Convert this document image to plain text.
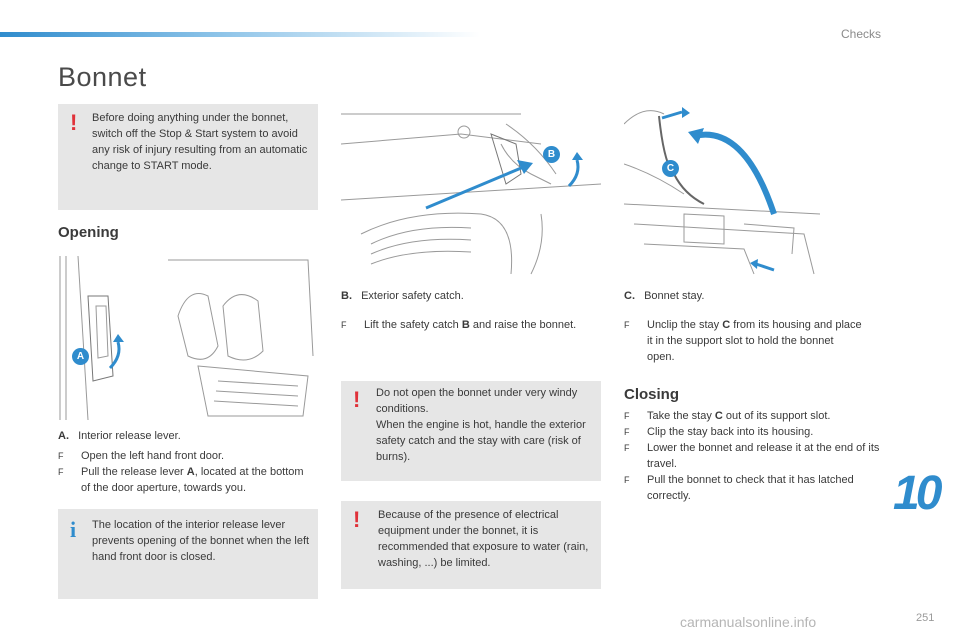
Checks
Bonnet
! Before doing anything under the bonnet, switch off the Stop & Start system to avoid any risk of injury resulting from an automatic change to START mode.
Opening
A
A. Interior release lever.
F Open the left hand front door.
F Pull the release lever A, located at the bottom of the door aperture, towards you.
i The location of the interior release lever prevents opening of the bonnet when the left hand front door is closed.
B
B. Exterior safety catch.
F Lift the safety catch B and raise the bonnet.
! Do not open the bonnet under very windy conditions.
When the engine is hot, handle the exterior safety catch and the stay with care (risk of burns).
! Because of the presence of electrical equipment under the bonnet, it is recommended that exposure to water (rain, washing, ...) be limited.
C
C. Bonnet stay.
F Unclip the stay C from its housing and place it in the support slot to hold the bonnet open.
Closing
F Take the stay C out of its support slot.
F Clip the stay back into its housing.
F Lower the bonnet and release it at the end of its travel.
F Pull the bonnet to check that it has latched correctly.	10
carmanualsonline.info	251
